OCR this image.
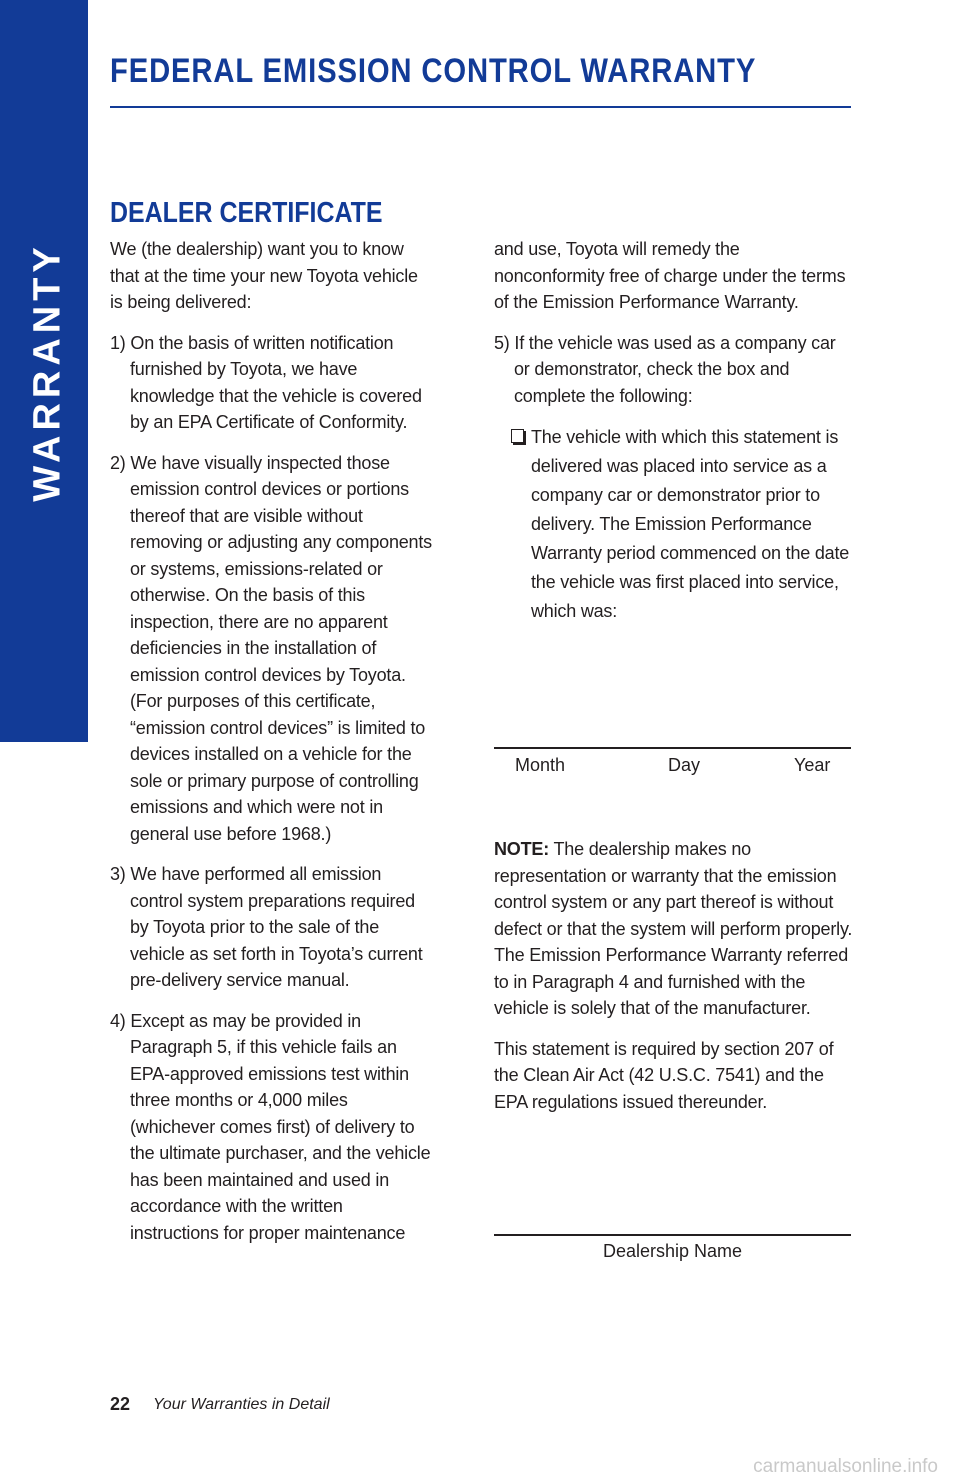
WARRANTY
FEDERAL EMISSION CONTROL WARRANTY
DEALER CERTIFICATE

We (the dealership) want you to know that at the time your new Toyota vehicle is being delivered:

1) On the basis of written notification furnished by Toyota, we have knowledge that the vehicle is covered by an EPA Certificate of Conformity.

2) We have visually inspected those emission control devices or portions thereof that are visible without removing or adjusting any components or systems, emissions-related or otherwise. On the basis of this inspection, there are no apparent deficiencies in the installation of emission control devices by Toyota. (For purposes of this certificate, “emission control devices” is limited to devices installed on a vehicle for the sole or primary purpose of controlling emissions and which were not in general use before 1968.)

3) We have performed all emission control system preparations required by Toyota prior to the sale of the vehicle as set forth in Toyota’s current pre-delivery service manual.

4) Except as may be provided in Paragraph 5, if this vehicle fails an EPA-approved emissions test within three months or 4,000 miles (whichever comes first) of delivery to the ultimate purchaser, and the vehicle has been maintained and used in accordance with the written instructions for proper maintenance

and use, Toyota will remedy the nonconformity free of charge under the terms of the Emission Performance Warranty.

5) If the vehicle was used as a company car or demonstrator, check the box and complete the following:

The vehicle with which this statement is delivered was placed into service as a company car or demonstrator prior to delivery. The Emission Performance Warranty period commenced on the date the vehicle was first placed into service, which was:
Month	Day	Year

NOTE: The dealership makes no representation or warranty that the emission control system or any part thereof is without defect or that the system will perform properly. The Emission Performance Warranty referred to in Paragraph 4 and furnished with the vehicle is solely that of the manufacturer.

This statement is required by section 207 of the Clean Air Act (42 U.S.C. 7541) and the EPA regulations issued thereunder.

Dealership Name
22 Your Warranties in Detail
carmanualsonline.info
